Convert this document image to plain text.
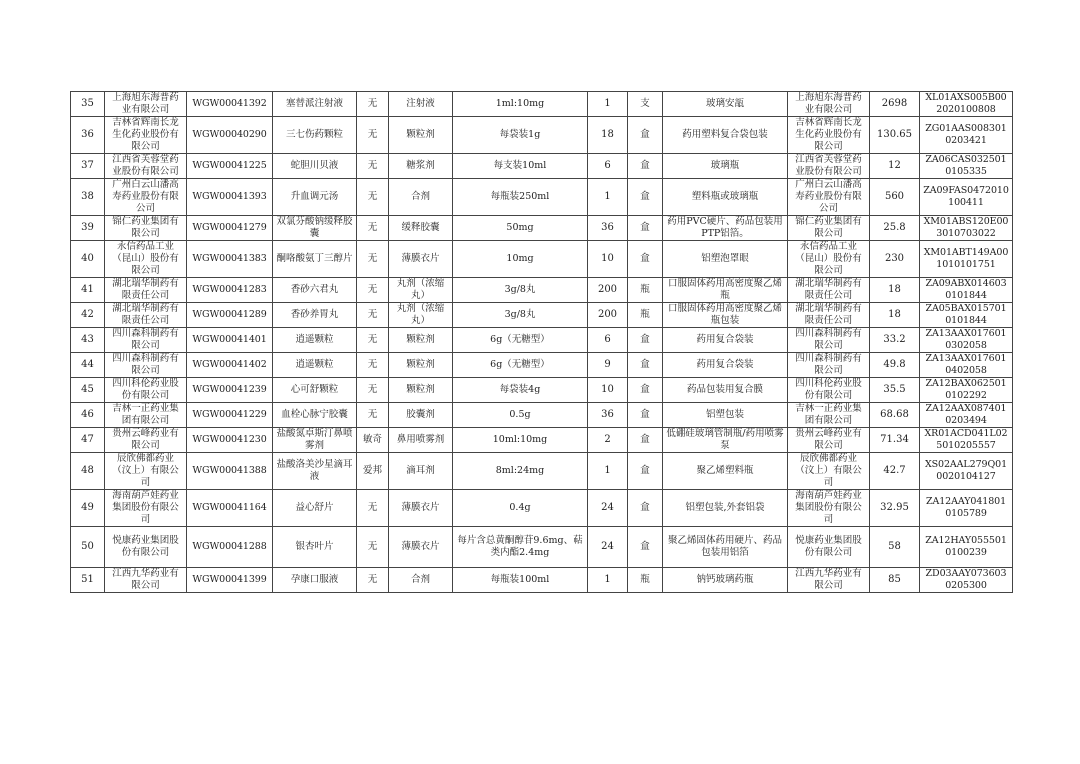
35	上海旭东海普药业有限公司	WGW00041392	塞替派注射液	无	注射液	1ml:10mg	1	支	玻璃安瓿	上海旭东海普药业有限公司	2698	XL01AXS005B002020100808
36	吉林省辉南长龙生化药业股份有限公司	WGW00040290	三七伤药颗粒	无	颗粒剂	每袋装1g	18	盒	药用塑料复合袋包装	吉林省辉南长龙生化药业股份有限公司	130.65	ZG01AAS0083010203421
37	江西省芙蓉堂药业股份有限公司	WGW00041225	蛇胆川贝液	无	糖浆剂	每支装10ml	6	盒	玻璃瓶	江西省芙蓉堂药业股份有限公司	12	ZA06CAS0325010105335
38	广州白云山潘高寿药业股份有限公司	WGW00041393	升血调元汤	无	合剂	每瓶装250ml	1	盒	塑料瓶或玻璃瓶	广州白云山潘高寿药业股份有限公司	560	ZA09FAS0472010100411
39	锦仁药业集团有限公司	WGW00041279	双氯芬酸钠缓释胶囊	无	缓释胶囊	50mg	36	盒	药用PVC硬片、药品包装用PTP铝箔。	锦仁药业集团有限公司	25.8	XM01ABS120E003010703022
40	永信药品工业（昆山）股份有限公司	WGW00041383	酮咯酸氨丁三醇片	无	薄膜衣片	10mg	10	盒	铝塑泡罩眼	永信药品工业（昆山）股份有限公司	230	XM01ABT149A001010101751
41	湖北瑞华制药有限责任公司	WGW00041283	香砂六君丸	无	丸剂（浓缩丸）	3g/8丸	200	瓶	口服固体药用高密度聚乙烯瓶	湖北瑞华制药有限责任公司	18	ZA09ABX0146030101844
42	湖北瑞华制药有限责任公司	WGW00041289	香砂养胃丸	无	丸剂（浓缩丸）	3g/8丸	200	瓶	口服固体药用高密度聚乙烯瓶包装	湖北瑞华制药有限责任公司	18	ZA05BAX0157010101844
43	四川森科制药有限公司	WGW00041401	逍遥颗粒	无	颗粒剂	6g（无糖型）	6	盒	药用复合袋装	四川森科制药有限公司	33.2	ZA13AAX0176010302058
44	四川森科制药有限公司	WGW00041402	逍遥颗粒	无	颗粒剂	6g（无糖型）	9	盒	药用复合袋装	四川森科制药有限公司	49.8	ZA13AAX0176010402058
45	四川科伦药业股份有限公司	WGW00041239	心可舒颗粒	无	颗粒剂	每袋装4g	10	盒	药品包装用复合膜	四川科伦药业股份有限公司	35.5	ZA12BAX0625010102292
46	吉林一正药业集团有限公司	WGW00041229	血栓心脉宁胶囊	无	胶囊剂	0.5g	36	盒	铝塑包装	吉林一正药业集团有限公司	68.68	ZA12AAX0874010203494
47	贵州云峰药业有限公司	WGW00041230	盐酸氮卓斯汀鼻喷雾剂	敏奇	鼻用喷雾剂	10ml:10mg	2	盒	低硼硅玻璃管制瓶/药用喷雾泵	贵州云峰药业有限公司	71.34	XR01ACD041L025010205557
48	辰欣佛都药业（汶上）有限公司	WGW00041388	盐酸洛美沙星滴耳液	爱邦	滴耳剂	8ml:24mg	1	盒	聚乙烯塑料瓶	辰欣佛都药业（汶上）有限公司	42.7	XS02AAL279Q010020104127
49	海南葫芦娃药业集团股份有限公司	WGW00041164	益心舒片	无	薄膜衣片	0.4g	24	盒	铝塑包装,外套铝袋	海南葫芦娃药业集团股份有限公司	32.95	ZA12AAY0418010105789
50	悦康药业集团股份有限公司	WGW00041288	银杏叶片	无	薄膜衣片	每片含总黄酮醇苷9.6mg、萜类内酯2.4mg	24	盒	聚乙烯固体药用硬片、药品包装用铝箔	悦康药业集团股份有限公司	58	ZA12HAY0555010100239
51	江西九华药业有限公司	WGW00041399	孕康口服液	无	合剂	每瓶装100ml	1	瓶	钠钙玻璃药瓶	江西九华药业有限公司	85	ZD03AAY0736030205300
